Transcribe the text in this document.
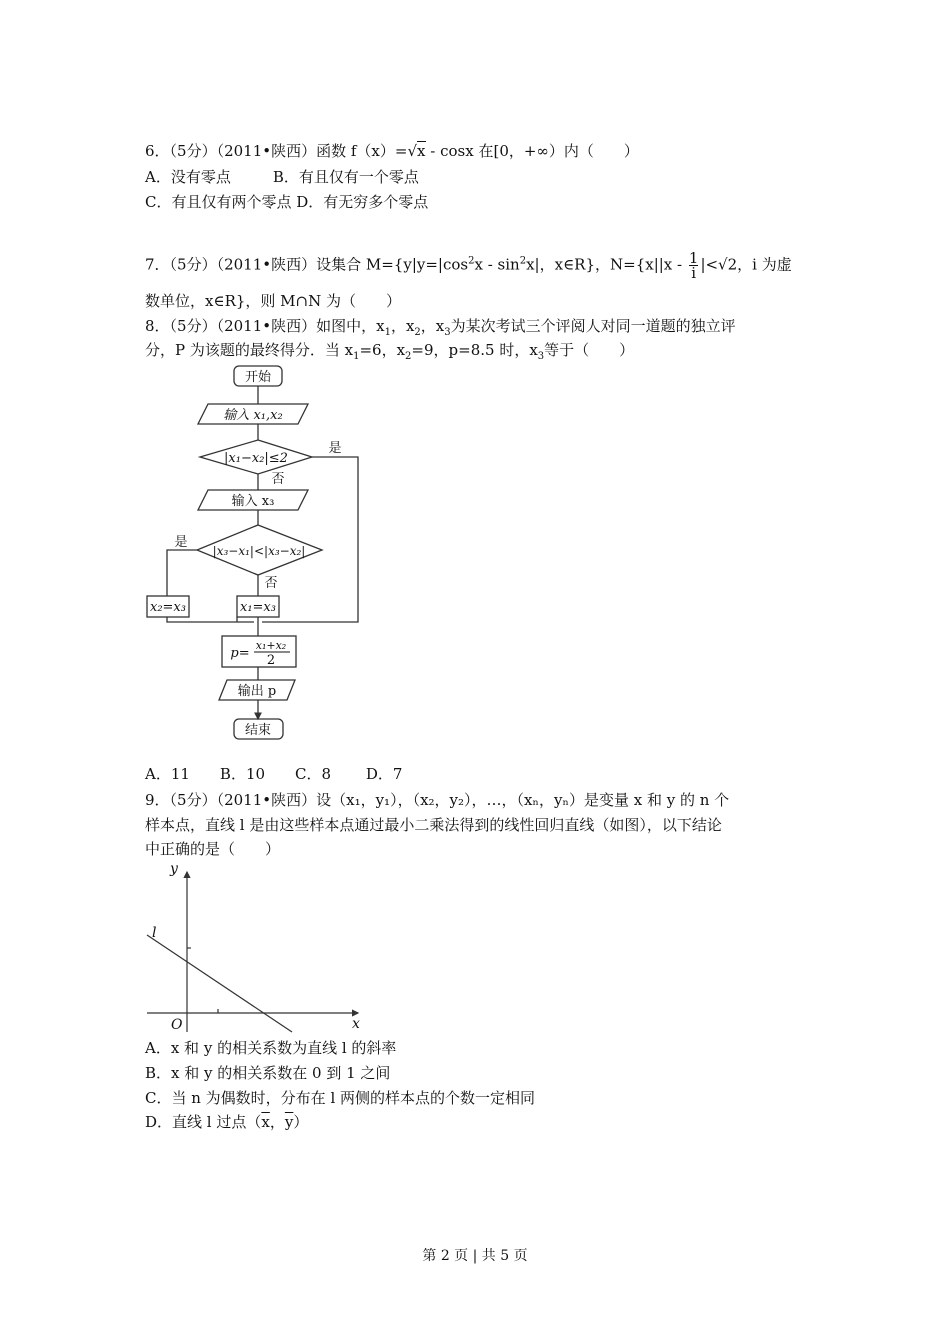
6．（5分）（2011•陕西）函数 f（x）=√x - cosx 在[0，+∞）内（　　）
A．没有零点	B．有且仅有一个零点
C．有且仅有两个零点 D．有无穷多个零点
7．（5分）（2011•陕西）设集合 $M=\{y|y=|\cos^2x - \sin^2x|$，x∈R}，$N=\{x||x - \frac{1}{i} |<√2$，i 为虚
数单位，x∈R}，则 M∩N 为（　　）
8．（5分）（2011•陕西）如图中，$x_1$，$x_2$，$x_3$为某次考试三个评阅人对同一道题的独立评
分，P 为该题的最终得分．当 $x_1=6$，$x_2=9$，p=8.5 时，$x_3$等于（　　）
开始
输入 x₁,x₂
|x₁−x₂|≤2
是
否
输入 x₃
|x₃−x₁|<|x₃−x₂|
是
否
x₂=x₃	x₁=x₃
p=
x₁+x₂
2
输出 p
结束
y
x
O
l
A．11　　B．10　　C．8　　 D．7
9．（5分）（2011•陕西）设（x₁，y₁），（x₂，y₂），…，（xₙ，yₙ）是变量 x 和 y 的 n 个
样本点，直线 l 是由这些样本点通过最小二乘法得到的线性回归直线（如图），以下结论
中正确的是（　　）
A．x 和 y 的相关系数为直线 l 的斜率
B．x 和 y 的相关系数在 0 到 1 之间
C．当 n 为偶数时，分布在 l 两侧的样本点的个数一定相同
D．直线 l 过点（$\overline{x}$，$\overline{y}$）
第 2 页 | 共 5 页
